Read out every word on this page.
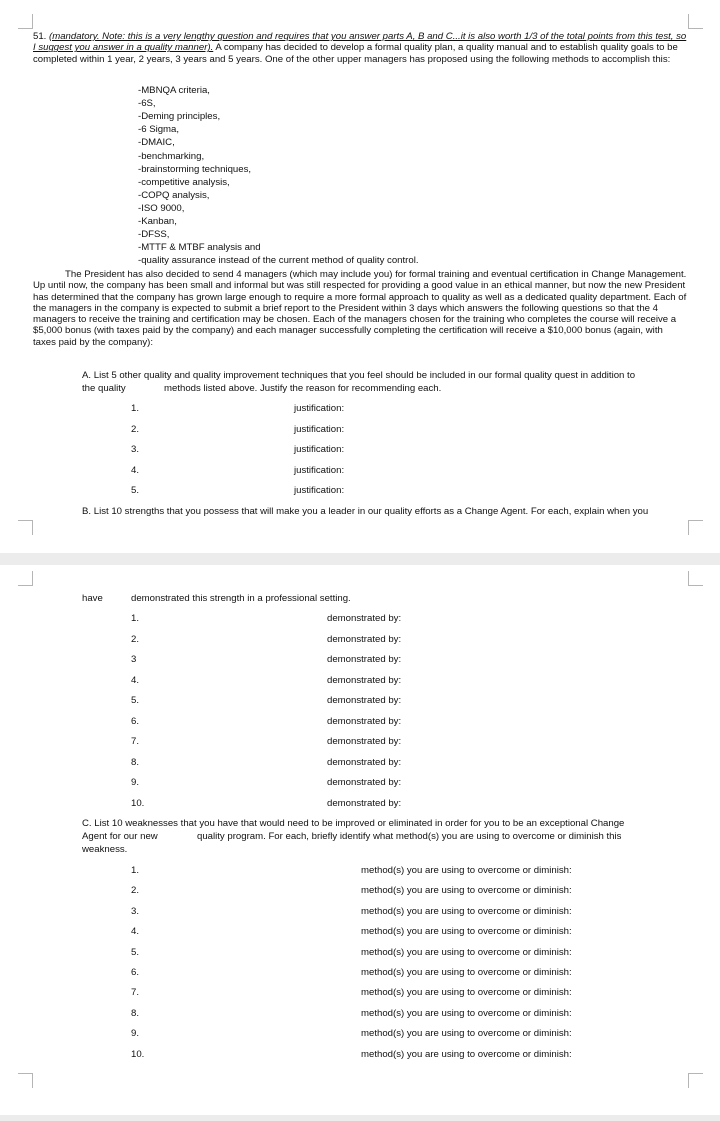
51. (mandatory. Note: this is a very lengthy question and requires that you answer parts A, B and C...it is also worth 1/3 of the total points from this test, so I suggest you answer in a quality manner). A company has decided to develop a formal quality plan, a quality manual and to establish quality goals to be completed within 1 year, 2 years, 3 years and 5 years. One of the other upper managers has proposed using the following methods to accomplish this:
-MBNQA criteria,
-6S,
-Deming principles,
-6 Sigma,
-DMAIC,
-benchmarking,
-brainstorming techniques,
-competitive analysis,
-COPQ analysis,
-ISO 9000,
-Kanban,
-DFSS,
-MTTF & MTBF analysis and
-quality assurance instead of the current method of quality control.
The President has also decided to send 4 managers (which may include you) for formal training and eventual certification in Change Management. Up until now, the company has been small and informal but was still respected for providing a good value in an ethical manner, but now the new President has determined that the company has grown large enough to require a more formal approach to quality as well as a dedicated quality department. Each of the managers in the company is expected to submit a brief report to the President within 3 days which answers the following questions so that the 4 managers to receive the training and certification may be chosen. Each of the managers chosen for the training who completes the course will receive a $5,000 bonus (with taxes paid by the company) and each manager successfully completing the certification will receive a $10,000 bonus (again, with taxes paid by the company):
A. List 5 other quality and quality improvement techniques that you feel should be included in our formal quality quest in addition to
the quality	methods listed above. Justify the reason for recommending each.
1.	justification:
2.	justification:
3.	justification:
4.	justification:
5.	justification:
B. List 10 strengths that you possess that will make you a leader in our quality efforts as a Change Agent. For each, explain when you
have	demonstrated this strength in a professional setting.
1.	demonstrated by:
2.	demonstrated by:
3	demonstrated by:
4.	demonstrated by:
5.	demonstrated by:
6.	demonstrated by:
7.	demonstrated by:
8.	demonstrated by:
9.	demonstrated by:
10.	demonstrated by:
C. List 10 weaknesses that you have that would need to be improved or eliminated in order for you to be an exceptional Change
Agent for our new	quality program. For each, briefly identify what method(s) you are using to overcome or diminish this
weakness.
1.	method(s) you are using to overcome or diminish:
2.	method(s) you are using to overcome or diminish:
3.	method(s) you are using to overcome or diminish:
4.	method(s) you are using to overcome or diminish:
5.	method(s) you are using to overcome or diminish:
6.	method(s) you are using to overcome or diminish:
7.	method(s) you are using to overcome or diminish:
8.	method(s) you are using to overcome or diminish:
9.	method(s) you are using to overcome or diminish:
10.	method(s) you are using to overcome or diminish:
